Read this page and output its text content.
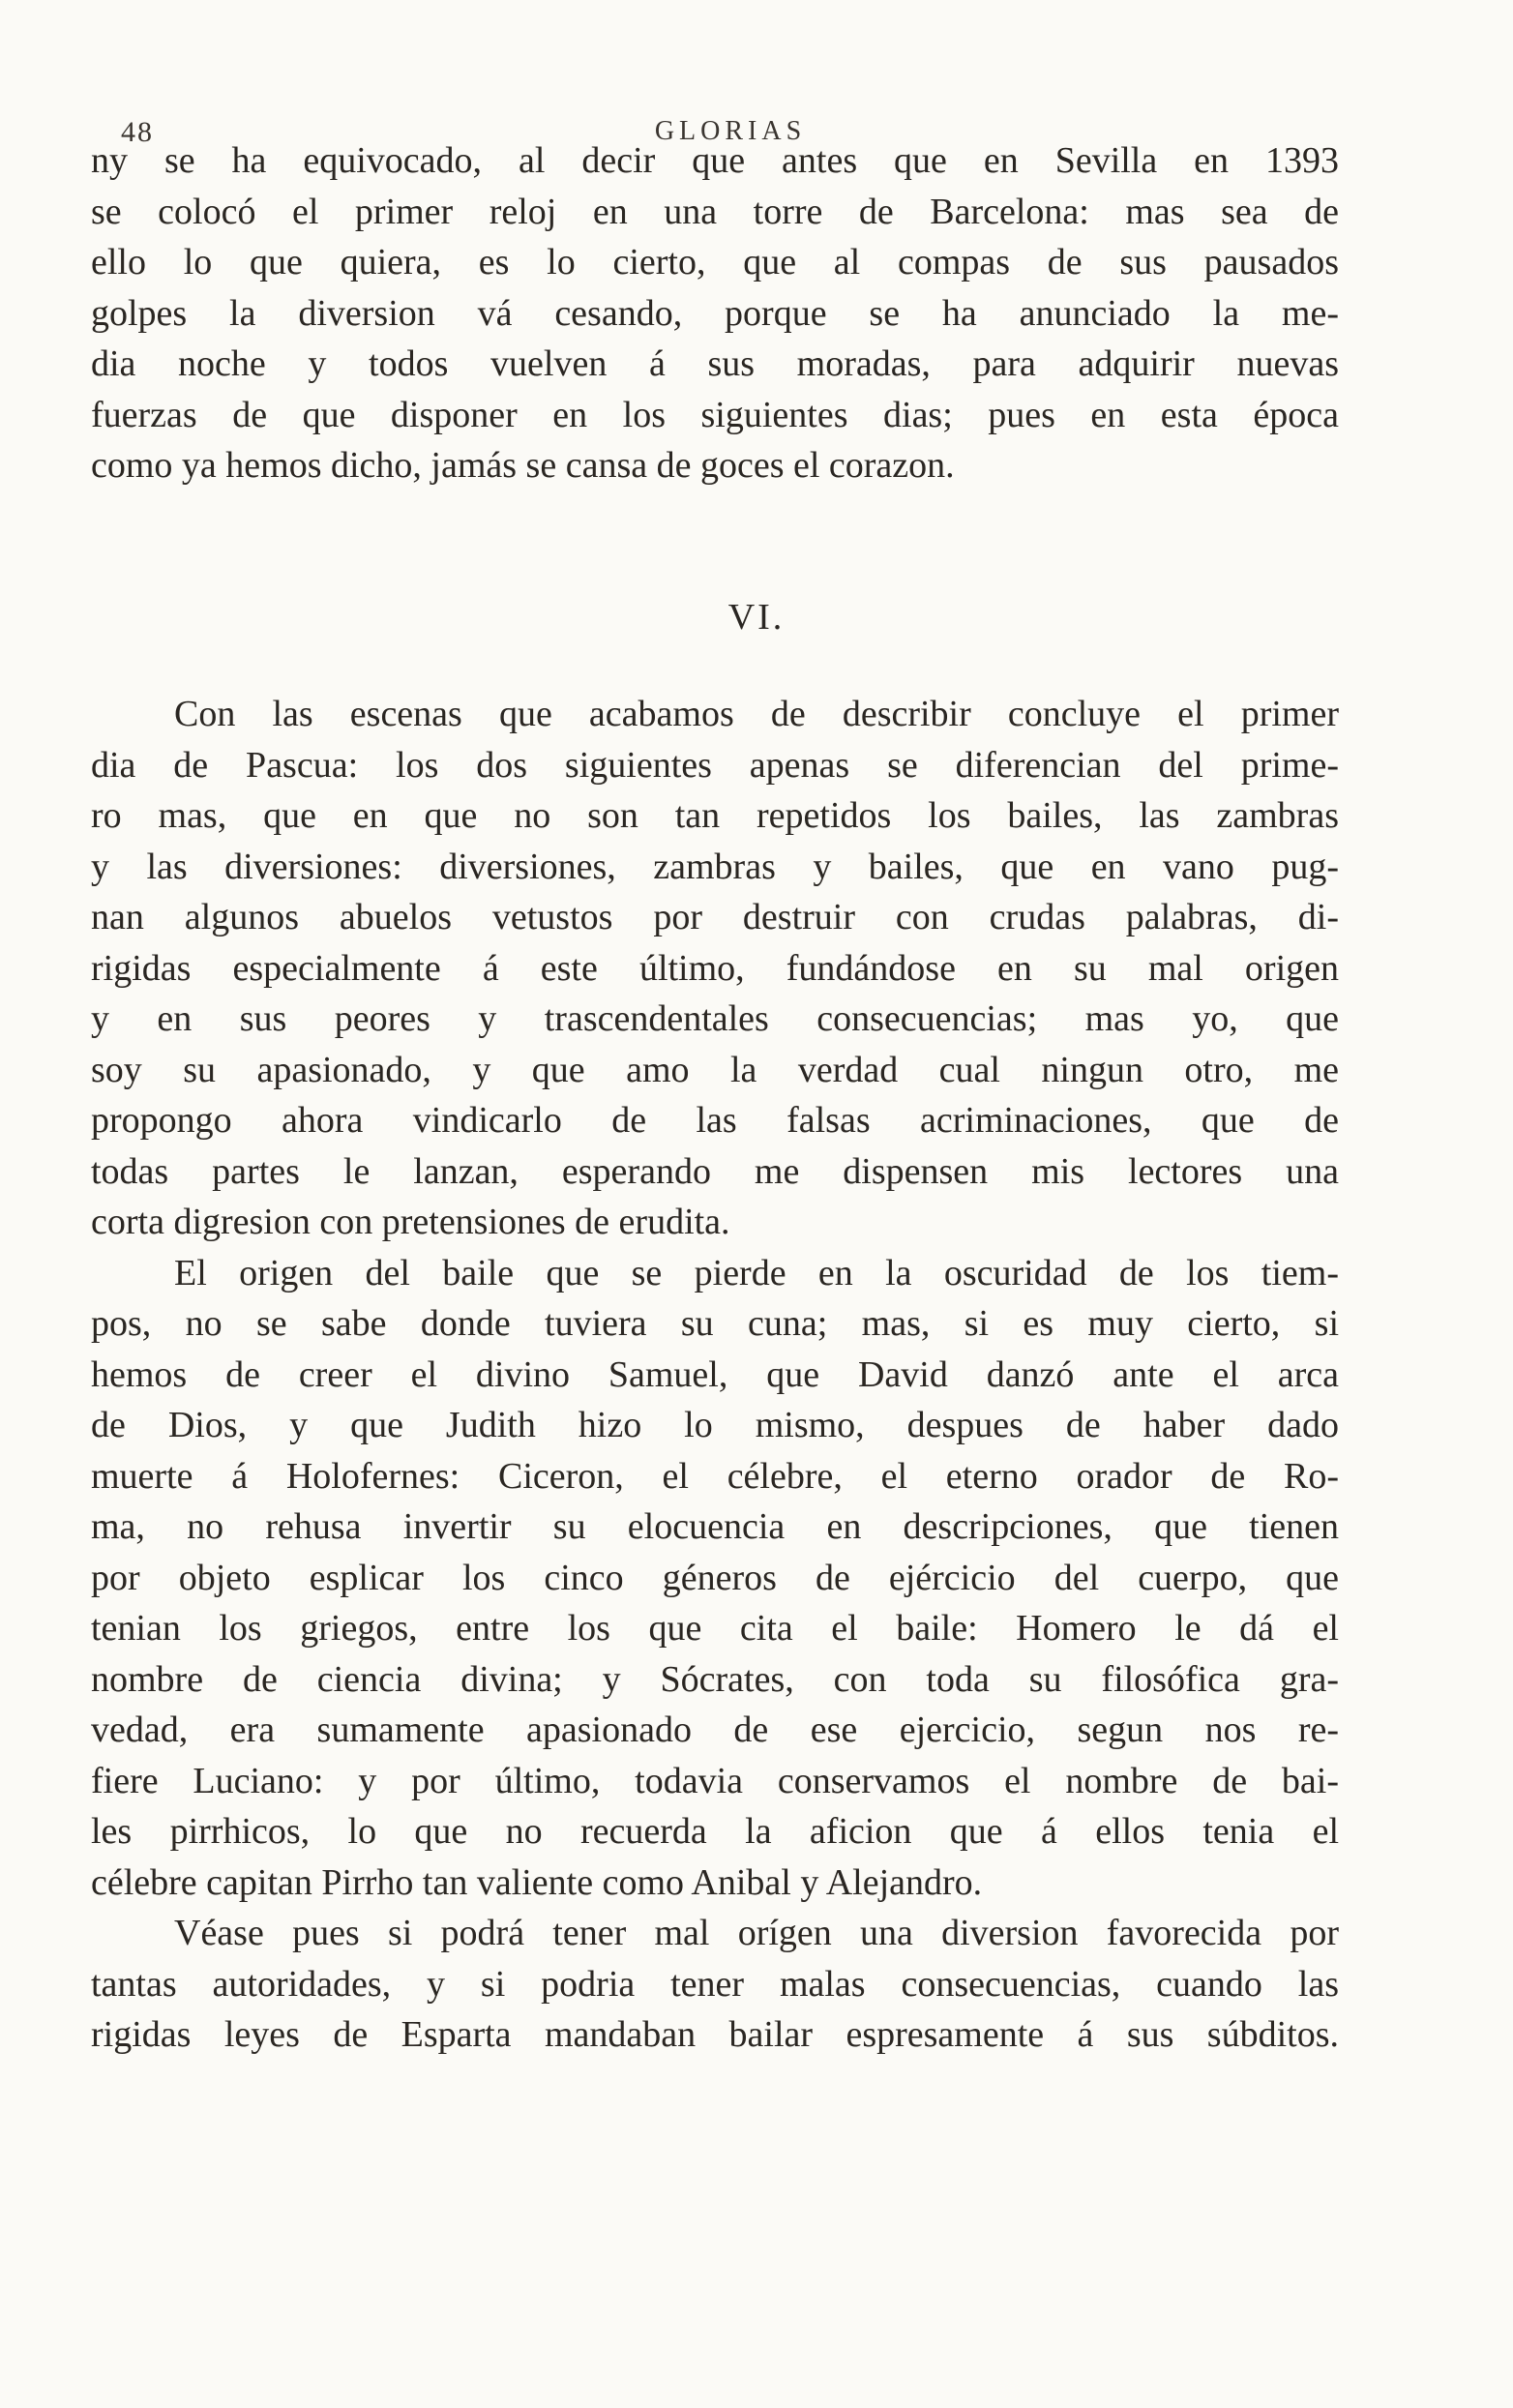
48	GLORIAS
ny se ha equivocado, al decir que antes que en Sevilla en 1393
se colocó el primer reloj en una torre de Barcelona: mas sea de
ello lo que quiera, es lo cierto, que al compas de sus pausados
golpes la diversion vá cesando, porque se ha anunciado la me-
dia noche y todos vuelven á sus moradas, para adquirir nuevas
fuerzas de que disponer en los siguientes dias; pues en esta época
como ya hemos dicho, jamás se cansa de goces el corazon.
VI.
Con las escenas que acabamos de describir concluye el primer
dia de Pascua: los dos siguientes apenas se diferencian del prime-
ro mas, que en que no son tan repetidos los bailes, las zambras
y las diversiones: diversiones, zambras y bailes, que en vano pug-
nan algunos abuelos vetustos por destruir con crudas palabras, di-
rigidas especialmente á este último, fundándose en su mal origen
y en sus peores y trascendentales consecuencias; mas yo, que
soy su apasionado, y que amo la verdad cual ningun otro, me
propongo ahora vindicarlo de las falsas acriminaciones, que de
todas partes le lanzan, esperando me dispensen mis lectores una
corta digresion con pretensiones de erudita.
El origen del baile que se pierde en la oscuridad de los tiem-
pos, no se sabe donde tuviera su cuna; mas, si es muy cierto, si
hemos de creer el divino Samuel, que David danzó ante el arca
de Dios, y que Judith hizo lo mismo, despues de haber dado
muerte á Holofernes: Ciceron, el célebre, el eterno orador de Ro-
ma, no rehusa invertir su elocuencia en descripciones, que tienen
por objeto esplicar los cinco géneros de ejércicio del cuerpo, que
tenian los griegos, entre los que cita el baile: Homero le dá el
nombre de ciencia divina; y Sócrates, con toda su filosófica gra-
vedad, era sumamente apasionado de ese ejercicio, segun nos re-
fiere Luciano: y por último, todavia conservamos el nombre de bai-
les pirrhicos, lo que no recuerda la aficion que á ellos tenia el
célebre capitan Pirrho tan valiente como Anibal y Alejandro.
Véase pues si podrá tener mal orígen una diversion favorecida por
tantas autoridades, y si podria tener malas consecuencias, cuando las
rigidas leyes de Esparta mandaban bailar espresamente á sus súbditos.
